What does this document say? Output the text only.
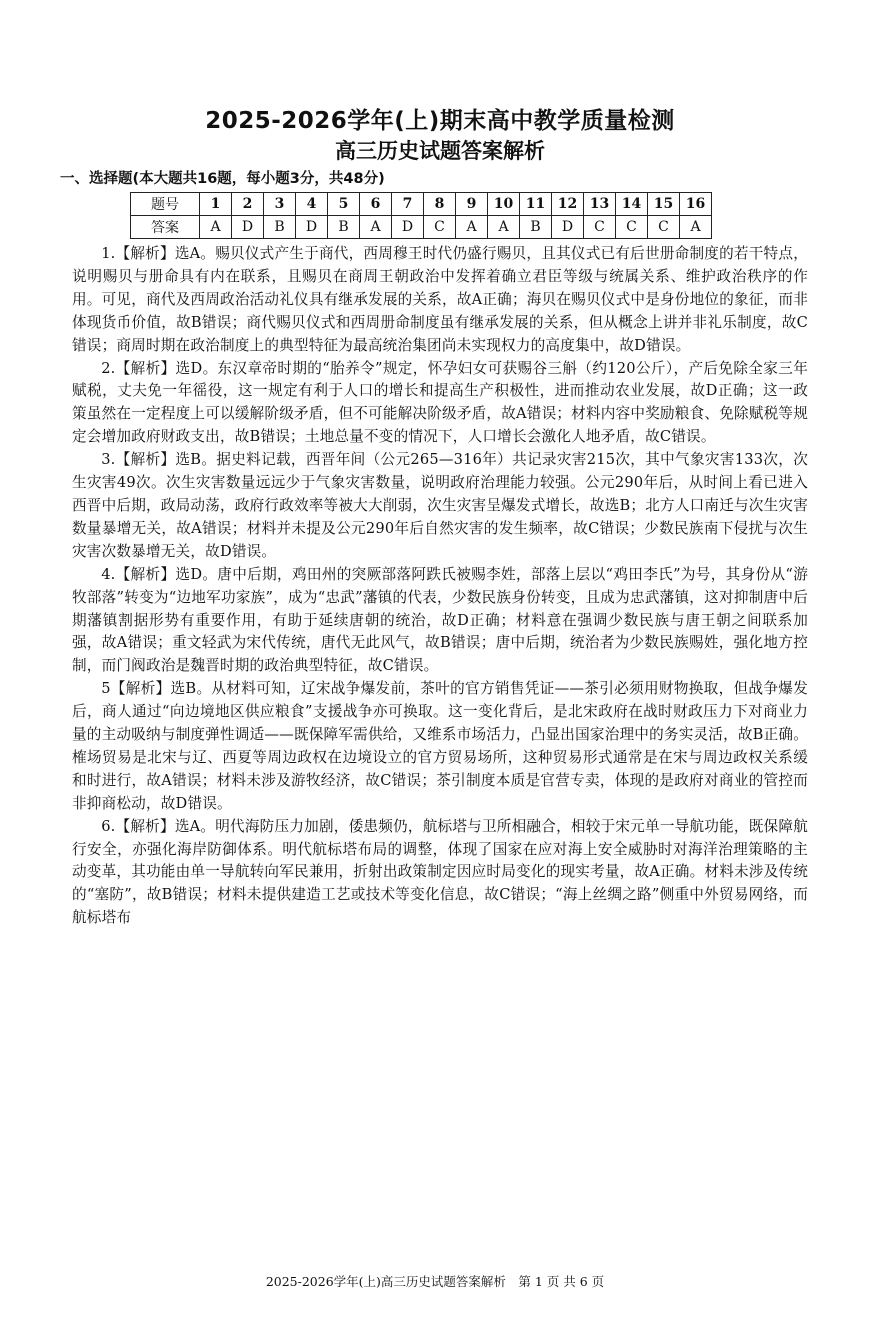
2025-2026学年(上)期末高中教学质量检测
高三历史试题答案解析
一、选择题(本大题共16题，每小题3分，共48分)
题号	1	2	3	4	5	6	7	8	9	10	11	12	13	14	15	16
答案	A	D	B	D	B	A	D	C	A	A	B	D	C	C	C	A

1.【解析】选A。赐贝仪式产生于商代，西周穆王时代仍盛行赐贝，且其仪式已有后世册命制度的若干特点，说明赐贝与册命具有内在联系，且赐贝在商周王朝政治中发挥着确立君臣等级与统属关系、维护政治秩序的作用。可见，商代及西周政治活动礼仪具有继承发展的关系，故A正确；海贝在赐贝仪式中是身份地位的象征，而非体现货币价值，故B错误；商代赐贝仪式和西周册命制度虽有继承发展的关系，但从概念上讲并非礼乐制度，故C错误；商周时期在政治制度上的典型特征为最高统治集团尚未实现权力的高度集中，故D错误。

2.【解析】选D。东汉章帝时期的“胎养令”规定，怀孕妇女可获赐谷三斛（约120公斤），产后免除全家三年赋税，丈夫免一年徭役，这一规定有利于人口的增长和提高生产积极性，进而推动农业发展，故D正确；这一政策虽然在一定程度上可以缓解阶级矛盾，但不可能解决阶级矛盾，故A错误；材料内容中奖励粮食、免除赋税等规定会增加政府财政支出，故B错误；土地总量不变的情况下，人口增长会激化人地矛盾，故C错误。

3.【解析】选B。据史料记载，西晋年间（公元265—316年）共记录灾害215次，其中气象灾害133次，次生灾害49次。次生灾害数量远远少于气象灾害数量，说明政府治理能力较强。公元290年后，从时间上看已进入西晋中后期，政局动荡，政府行政效率等被大大削弱，次生灾害呈爆发式增长，故选B；北方人口南迁与次生灾害数量暴增无关，故A错误；材料并未提及公元290年后自然灾害的发生频率，故C错误；少数民族南下侵扰与次生灾害次数暴增无关，故D错误。

4.【解析】选D。唐中后期，鸡田州的突厥部落阿跌氏被赐李姓，部落上层以“鸡田李氏”为号，其身份从“游牧部落”转变为“边地军功家族”，成为“忠武”藩镇的代表，少数民族身份转变，且成为忠武藩镇，这对抑制唐中后期藩镇割据形势有重要作用，有助于延续唐朝的统治，故D正确；材料意在强调少数民族与唐王朝之间联系加强，故A错误；重文轻武为宋代传统，唐代无此风气，故B错误；唐中后期，统治者为少数民族赐姓，强化地方控制，而门阀政治是魏晋时期的政治典型特征，故C错误。

5【解析】选B。从材料可知，辽宋战争爆发前，茶叶的官方销售凭证——茶引必须用财物换取，但战争爆发后，商人通过“向边境地区供应粮食”支援战争亦可换取。这一变化背后，是北宋政府在战时财政压力下对商业力量的主动吸纳与制度弹性调适——既保障军需供给，又维系市场活力，凸显出国家治理中的务实灵活，故B正确。榷场贸易是北宋与辽、西夏等周边政权在边境设立的官方贸易场所，这种贸易形式通常是在宋与周边政权关系缓和时进行，故A错误；材料未涉及游牧经济，故C错误；茶引制度本质是官营专卖，体现的是政府对商业的管控而非抑商松动，故D错误。

6.【解析】选A。明代海防压力加剧，倭患频仍，航标塔与卫所相融合，相较于宋元单一导航功能，既保障航行安全，亦强化海岸防御体系。明代航标塔布局的调整，体现了国家在应对海上安全威胁时对海洋治理策略的主动变革，其功能由单一导航转向军民兼用，折射出政策制定因应时局变化的现实考量，故A正确。材料未涉及传统的“塞防”，故B错误；材料未提供建造工艺或技术等变化信息，故C错误；“海上丝绸之路”侧重中外贸易网络，而航标塔布

2025-2026学年(上)高三历史试题答案解析　第 1 页 共 6 页
